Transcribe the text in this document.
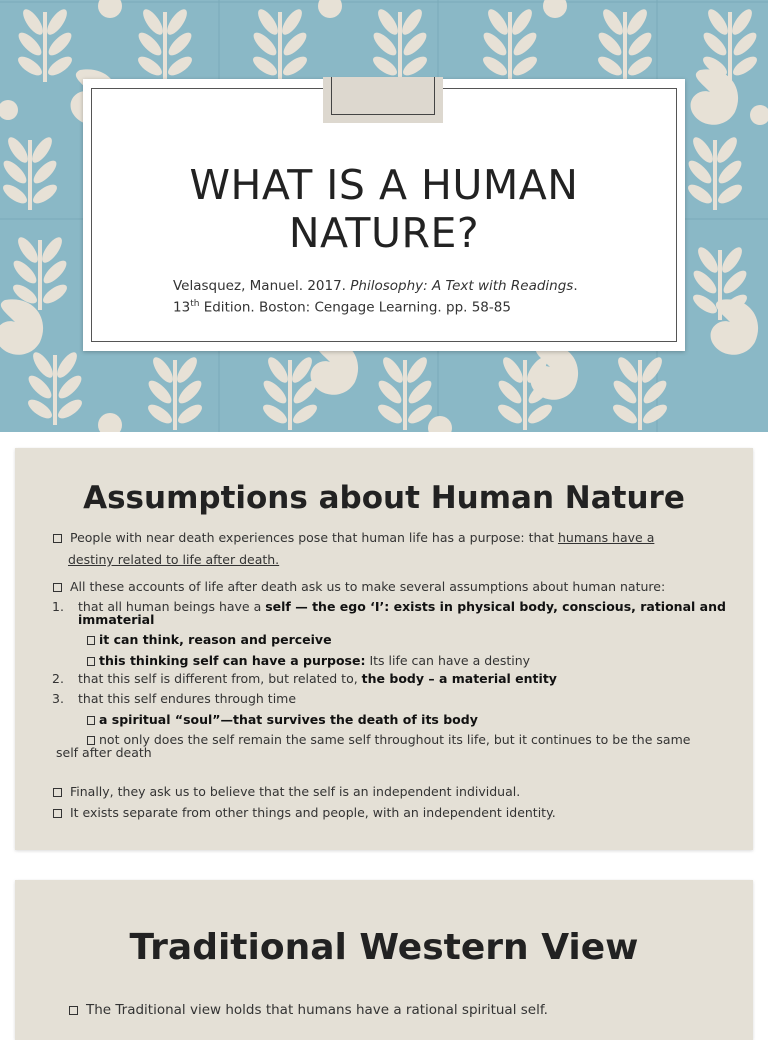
WHAT IS A HUMAN
NATURE?
Velasquez, Manuel. 2017. Philosophy: A Text with Readings.
13th Edition. Boston: Cengage Learning. pp. 58-85
Assumptions about Human Nature
People with near death experiences pose that human life has a purpose: that humans have a
destiny related to life after death.
All these accounts of life after death ask us to make several assumptions about human nature:
1. that all human beings have a self — the ego ‘I’: exists in physical body, conscious, rational and
immaterial
it can think, reason and perceive
this thinking self can have a purpose: Its life can have a destiny
2. that this self is different from, but related to, the body – a material entity
3. that this self endures through time
a spiritual “soul”—that survives the death of its body
not only does the self remain the same self throughout its life, but it continues to be the same
self after death
Finally, they ask us to believe that the self is an independent individual.
It exists separate from other things and people, with an independent identity.
Traditional Western View
The Traditional view holds that humans have a rational spiritual self.
